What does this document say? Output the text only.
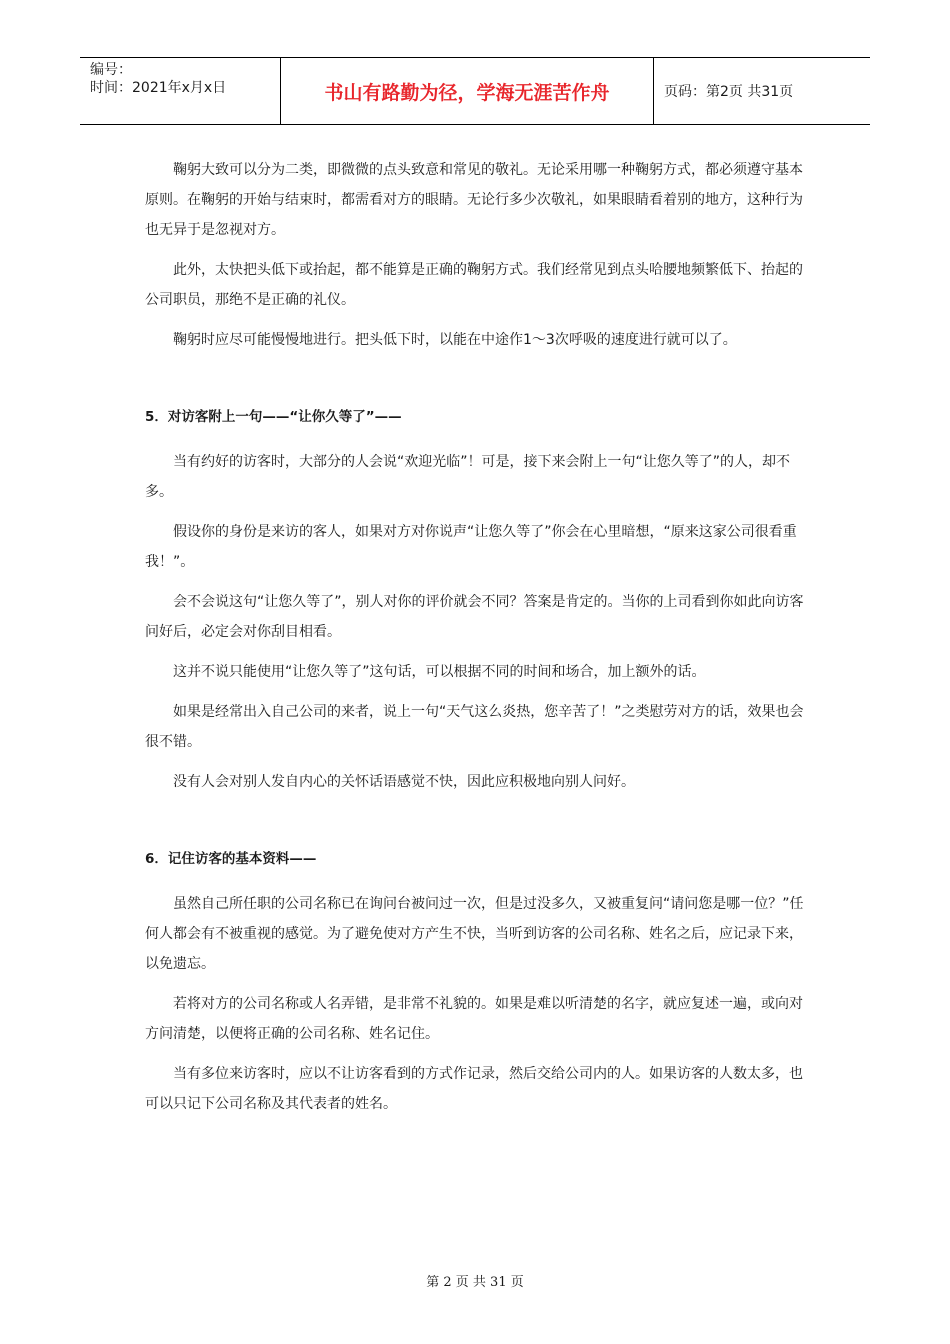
编号：
时间：2021年x月x日	书山有路勤为径，学海无涯苦作舟	页码：第2页 共31页

鞠躬大致可以分为二类，即微微的点头致意和常见的敬礼。无论采用哪一种鞠躬方式，都必须遵守基本原则。在鞠躬的开始与结束时，都需看对方的眼睛。无论行多少次敬礼，如果眼睛看着别的地方，这种行为也无异于是忽视对方。

此外，太快把头低下或抬起，都不能算是正确的鞠躬方式。我们经常见到点头哈腰地频繁低下、抬起的公司职员，那绝不是正确的礼仪。

鞠躬时应尽可能慢慢地进行。把头低下时，以能在中途作1～3次呼吸的速度进行就可以了。

5．对访客附上一句——“让你久等了”——

当有约好的访客时，大部分的人会说“欢迎光临”！可是，接下来会附上一句“让您久等了”的人，却不多。

假设你的身份是来访的客人，如果对方对你说声“让您久等了”你会在心里暗想，“原来这家公司很看重我！”。

会不会说这句“让您久等了”，别人对你的评价就会不同？答案是肯定的。当你的上司看到你如此向访客问好后，必定会对你刮目相看。

这并不说只能使用“让您久等了”这句话，可以根据不同的时间和场合，加上额外的话。

如果是经常出入自己公司的来者，说上一句“天气这么炎热，您辛苦了！”之类慰劳对方的话，效果也会很不错。

没有人会对别人发自内心的关怀话语感觉不快，因此应积极地向别人问好。

6．记住访客的基本资料——

虽然自己所任职的公司名称已在询问台被问过一次，但是过没多久，又被重复问“请问您是哪一位？”任何人都会有不被重视的感觉。为了避免使对方产生不快，当听到访客的公司名称、姓名之后，应记录下来，以免遗忘。

若将对方的公司名称或人名弄错，是非常不礼貌的。如果是难以听清楚的名字，就应复述一遍，或向对方问清楚，以便将正确的公司名称、姓名记住。

当有多位来访客时，应以不让访客看到的方式作记录，然后交给公司内的人。如果访客的人数太多，也可以只记下公司名称及其代表者的姓名。

第 2 页 共 31 页
